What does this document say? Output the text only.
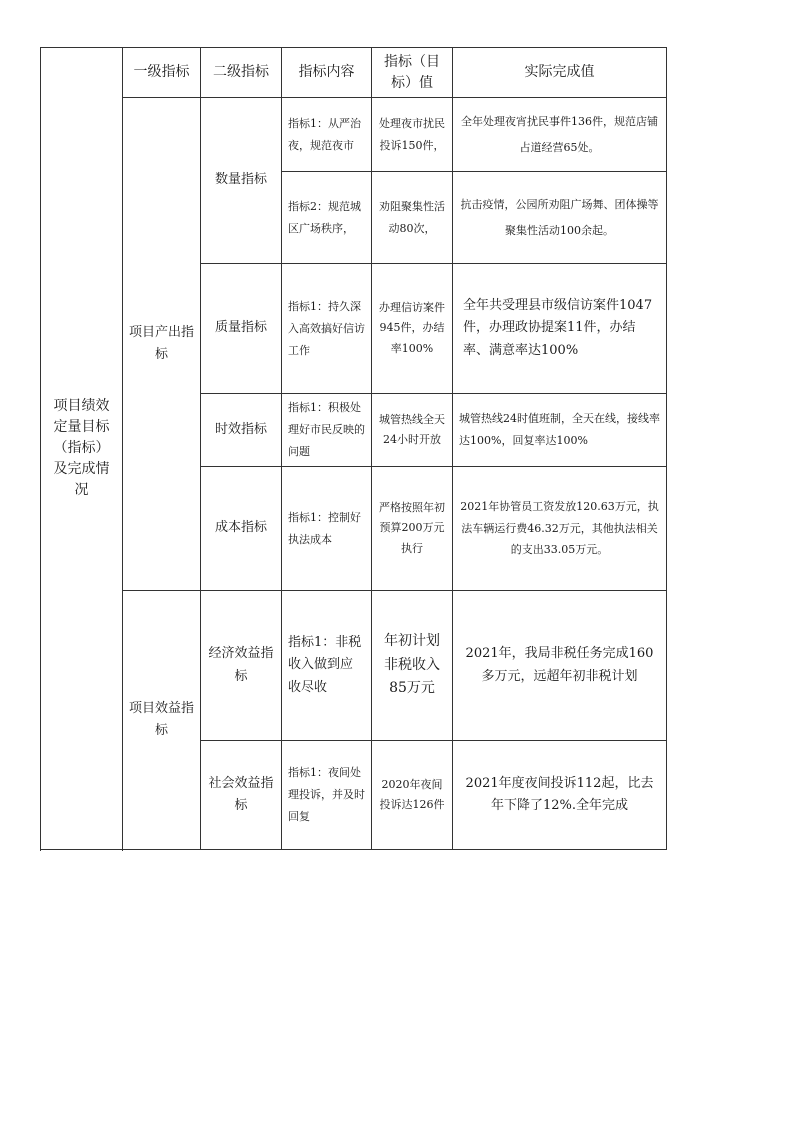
项目绩效定量目标（指标）及完成情况	一级指标	二级指标	指标内容	指标（目标）值	实际完成值
	项目产出指标	数量指标	指标1：从严治夜，规范夜市	处理夜市扰民投诉150件，	全年处理夜宵扰民事件136件，规范店铺占道经营65处。
			指标2：规范城区广场秩序，	劝阻聚集性活动80次，	抗击疫情，公园所劝阻广场舞、团体操等聚集性活动100余起。
		质量指标	指标1：持久深入高效搞好信访工作	办理信访案件945件，办结率100%	全年共受理县市级信访案件1047件，办理政协提案11件，办结率、满意率达100%
		时效指标	指标1：积极处理好市民反映的问题	城管热线全天24小时开放	城管热线24时值班制，全天在线，接线率达100%，回复率达100%
		成本指标	指标1：控制好执法成本	严格按照年初预算200万元执行	2021年协管员工资发放120.63万元，执法车辆运行费46.32万元，其他执法相关的支出33.05万元。

	项目效益指标	经济效益指标	指标1：非税收入做到应收尽收	年初计划非税收入85万元	2021年，我局非税任务完成160多万元，远超年初非税计划
		社会效益指标	指标1：夜间处理投诉，并及时回复	2020年夜间投诉达126件	2021年度夜间投诉112起，比去年下降了12%.全年完成
